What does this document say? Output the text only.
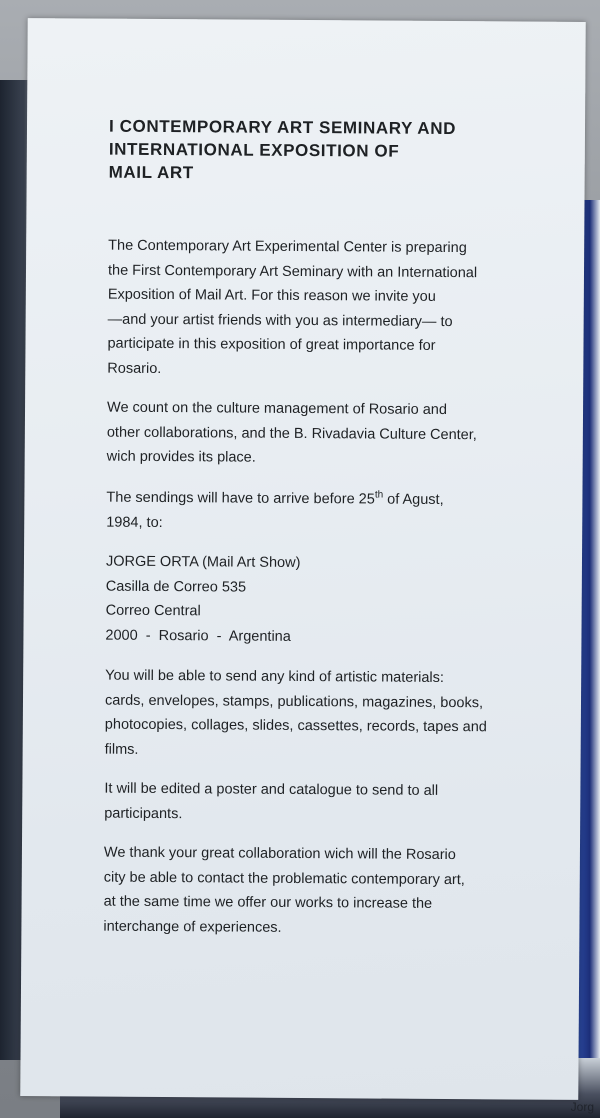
Jorg
I CONTEMPORARY ART SEMINARY AND
INTERNATIONAL EXPOSITION OF
MAIL ART

The Contemporary Art Experimental Center is preparing
the First Contemporary Art Seminary with an International
Exposition of Mail Art. For this reason we invite you
—and your artist friends with you as intermediary— to
participate in this exposition of great importance for
Rosario.

We count on the culture management of Rosario and
other collaborations, and the B. Rivadavia Culture Center,
wich provides its place.

The sendings will have to arrive before 25th of Agust,
1984, to:

JORGE ORTA (Mail Art Show)
Casilla de Correo 535
Correo Central
2000  -  Rosario  -  Argentina

You will be able to send any kind of artistic materials:
cards, envelopes, stamps, publications, magazines, books,
photocopies, collages, slides, cassettes, records, tapes and
films.

It will be edited a poster and catalogue to send to all
participants.

We thank your great collaboration wich will the Rosario
city be able to contact the problematic contemporary art,
at the same time we offer our works to increase the
interchange of experiences.
